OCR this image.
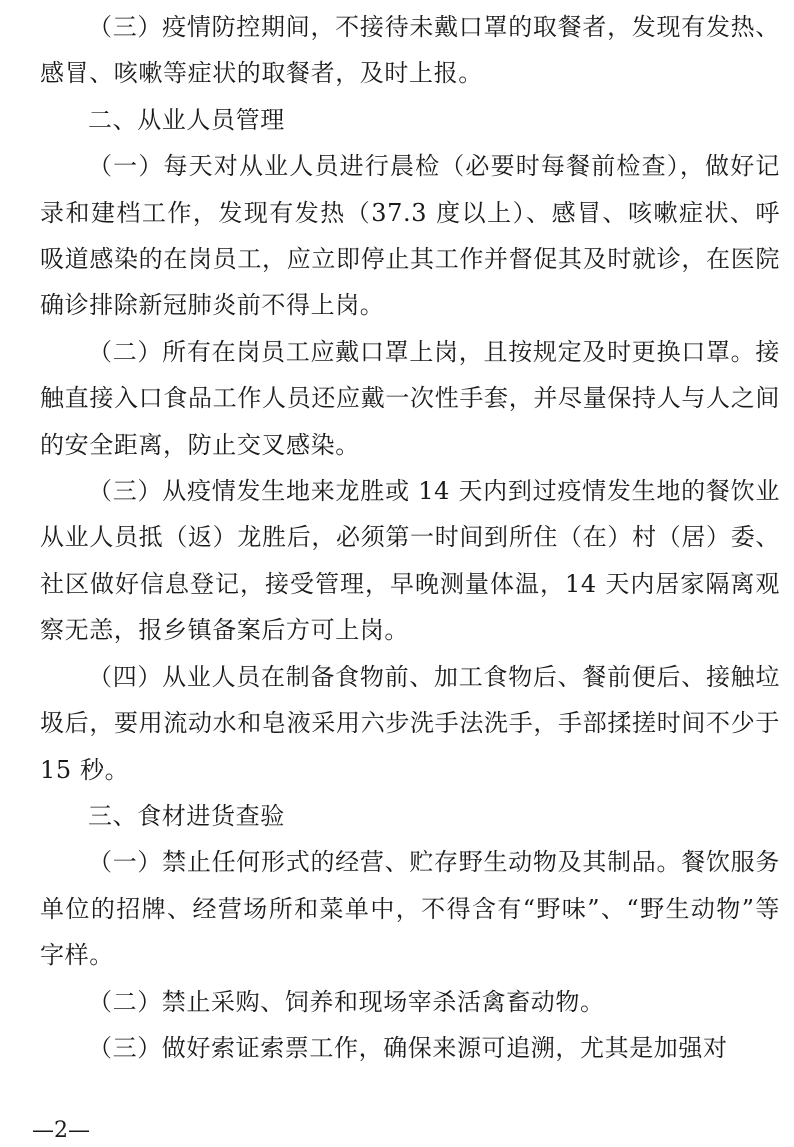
（三）疫情防控期间，不接待未戴口罩的取餐者，发现有发热、感冒、咳嗽等症状的取餐者，及时上报。

二、从业人员管理

（一）每天对从业人员进行晨检（必要时每餐前检查），做好记录和建档工作，发现有发热（37.3 度以上）、感冒、咳嗽症状、呼吸道感染的在岗员工，应立即停止其工作并督促其及时就诊，在医院确诊排除新冠肺炎前不得上岗。

（二）所有在岗员工应戴口罩上岗，且按规定及时更换口罩。接触直接入口食品工作人员还应戴一次性手套，并尽量保持人与人之间的安全距离，防止交叉感染。

（三）从疫情发生地来龙胜或 14 天内到过疫情发生地的餐饮业从业人员抵（返）龙胜后，必须第一时间到所住（在）村（居）委、社区做好信息登记，接受管理，早晚测量体温，14 天内居家隔离观察无恙，报乡镇备案后方可上岗。

（四）从业人员在制备食物前、加工食物后、餐前便后、接触垃圾后，要用流动水和皂液采用六步洗手法洗手，手部揉搓时间不少于 15 秒。

三、食材进货查验

（一）禁止任何形式的经营、贮存野生动物及其制品。餐饮服务单位的招牌、经营场所和菜单中，不得含有“野味”、“野生动物”等字样。

（二）禁止采购、饲养和现场宰杀活禽畜动物。

（三）做好索证索票工作，确保来源可追溯，尤其是加强对

—2—
